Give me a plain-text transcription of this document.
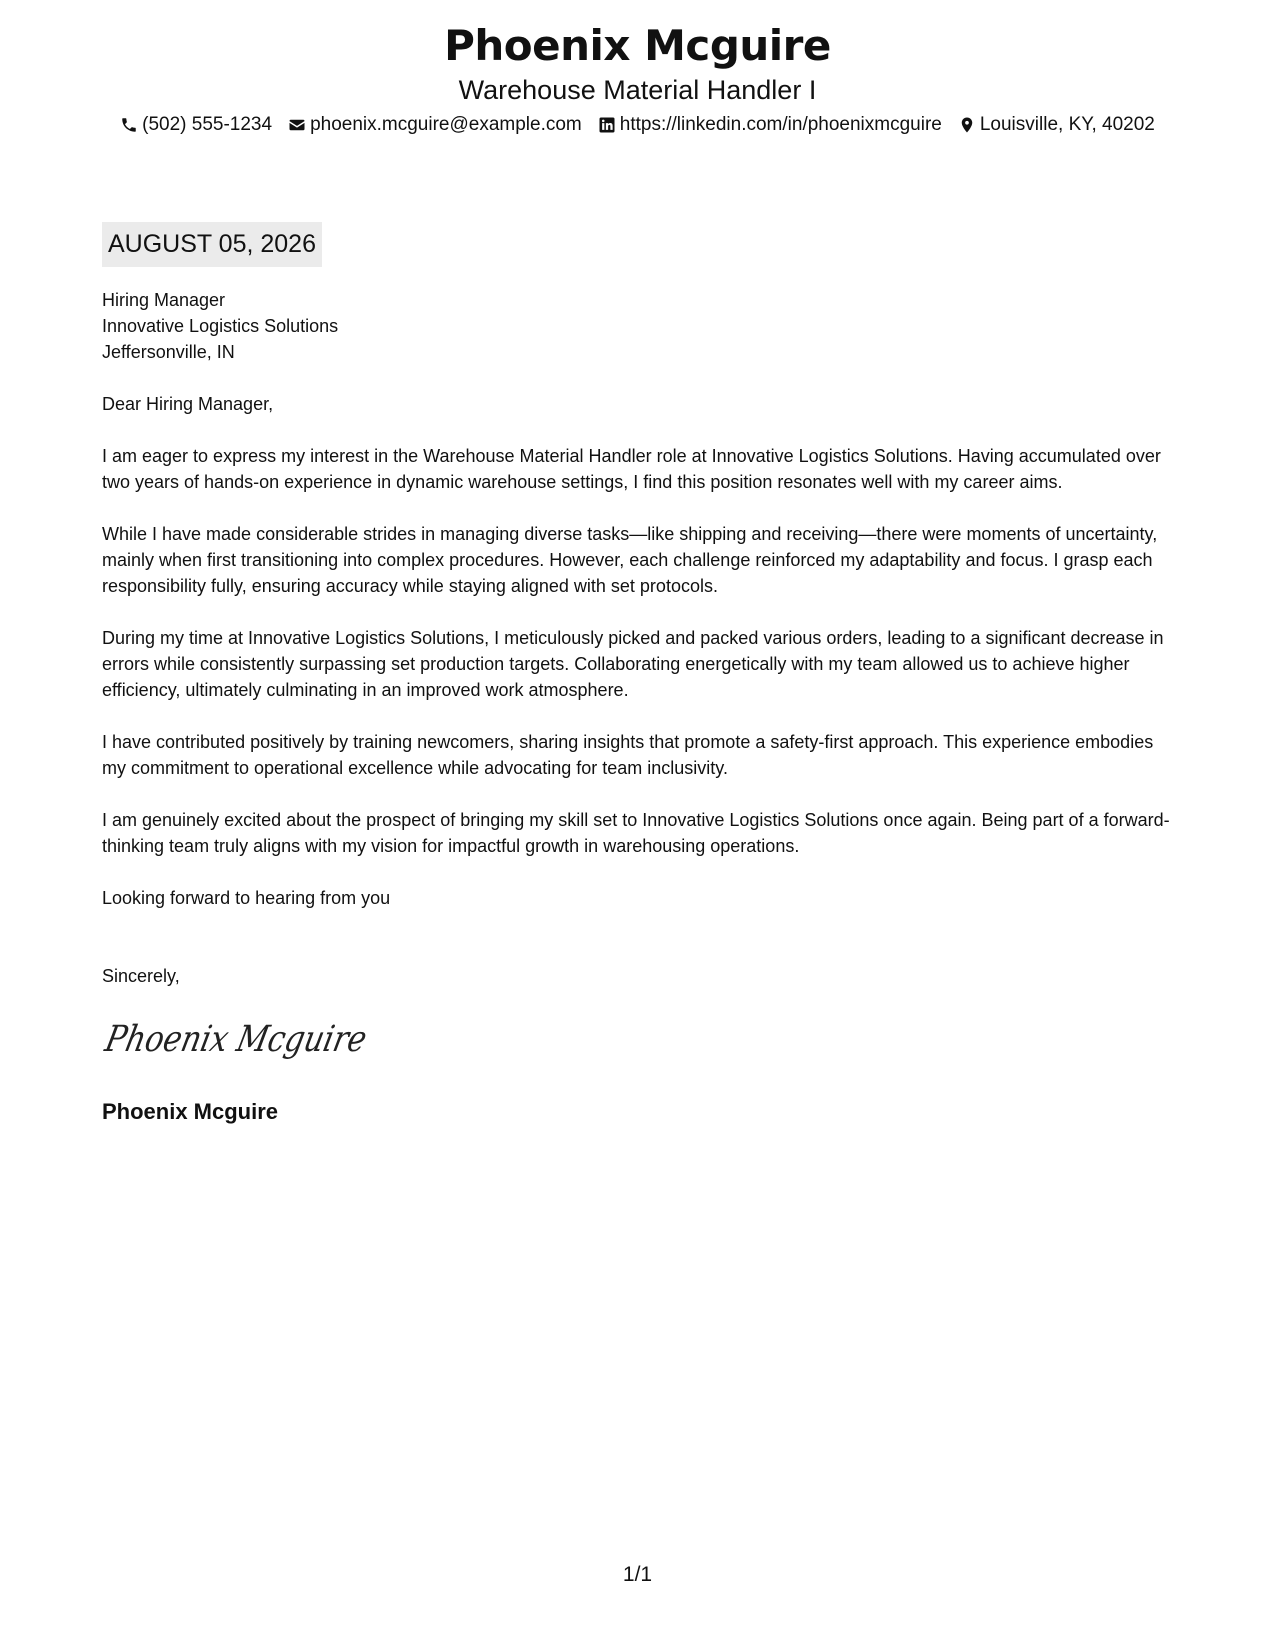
Phoenix Mcguire
Warehouse Material Handler I
(502) 555-1234 phoenix.mcguire@example.com https://linkedin.com/in/phoenixmcguire Louisville, KY, 40202
AUGUST 05, 2026
Hiring Manager
Innovative Logistics Solutions
Jeffersonville, IN
Dear Hiring Manager,

I am eager to express my interest in the Warehouse Material Handler role at Innovative Logistics Solutions. Having accumulated over two years of hands-on experience in dynamic warehouse settings, I find this position resonates well with my career aims.

While I have made considerable strides in managing diverse tasks—like shipping and receiving—there were moments of uncertainty, mainly when first transitioning into complex procedures. However, each challenge reinforced my adaptability and focus. I grasp each responsibility fully, ensuring accuracy while staying aligned with set protocols.

During my time at Innovative Logistics Solutions, I meticulously picked and packed various orders, leading to a significant decrease in errors while consistently surpassing set production targets. Collaborating energetically with my team allowed us to achieve higher efficiency, ultimately culminating in an improved work atmosphere.

I have contributed positively by training newcomers, sharing insights that promote a safety-first approach. This experience embodies my commitment to operational excellence while advocating for team inclusivity.

I am genuinely excited about the prospect of bringing my skill set to Innovative Logistics Solutions once again. Being part of a forward-thinking team truly aligns with my vision for impactful growth in warehousing operations.

Looking forward to hearing from you
Sincerely,
Phoenix Mcguire
Phoenix Mcguire
1/1
